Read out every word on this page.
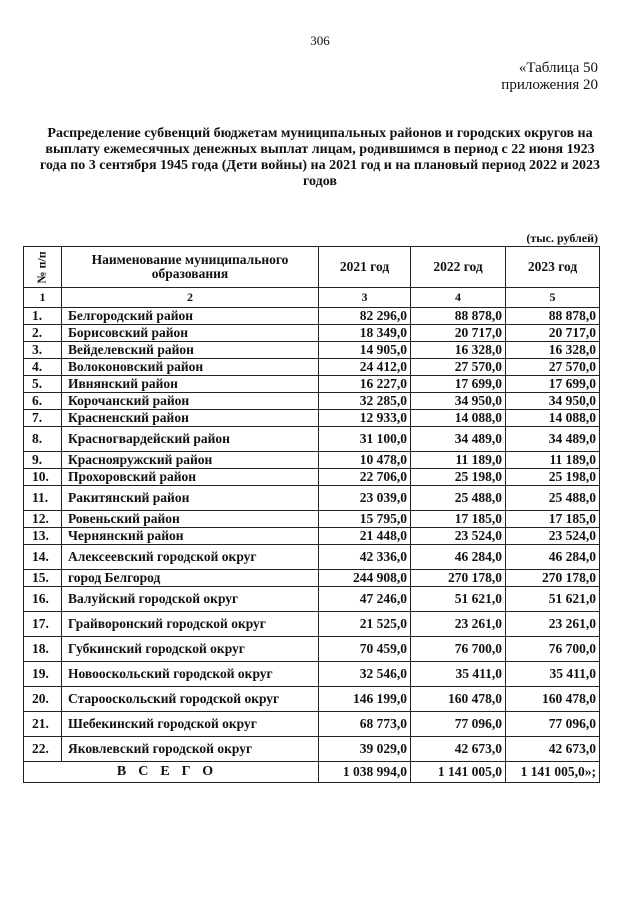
306
«Таблица 50
приложения 20
Распределение субвенций бюджетам муниципальных районов и городских округов на выплату ежемесячных денежных выплат лицам, родившимся в период с 22 июня 1923 года по 3 сентября 1945 года (Дети войны) на 2021 год и на плановый период 2022 и 2023 годов
(тыс. рублей)
№ п/п	Наименование муниципального образования	2021 год	2022 год	2023 год
1	2	3	4	5
1.	Белгородский район	82 296,0	88 878,0	88 878,0
2.	Борисовский район	18 349,0	20 717,0	20 717,0
3.	Вейделевский район	14 905,0	16 328,0	16 328,0
4.	Волоконовский район	24 412,0	27 570,0	27 570,0
5.	Ивнянский район	16 227,0	17 699,0	17 699,0
6.	Корочанский район	32 285,0	34 950,0	34 950,0
7.	Красненский район	12 933,0	14 088,0	14 088,0
8.	Красногвардейский район	31 100,0	34 489,0	34 489,0
9.	Краснояружский район	10 478,0	11 189,0	11 189,0
10.	Прохоровский район	22 706,0	25 198,0	25 198,0
11.	Ракитянский район	23 039,0	25 488,0	25 488,0
12.	Ровеньский район	15 795,0	17 185,0	17 185,0
13.	Чернянский район	21 448,0	23 524,0	23 524,0
14.	Алексеевский городской округ	42 336,0	46 284,0	46 284,0
15.	город Белгород	244 908,0	270 178,0	270 178,0
16.	Валуйский городской округ	47 246,0	51 621,0	51 621,0
17.	Грайворонский городской округ	21 525,0	23 261,0	23 261,0
18.	Губкинский городской округ	70 459,0	76 700,0	76 700,0
19.	Новооскольский городской округ	32 546,0	35 411,0	35 411,0
20.	Старооскольский городской округ	146 199,0	160 478,0	160 478,0
21.	Шебекинский городской округ	68 773,0	77 096,0	77 096,0
22.	Яковлевский городской округ	39 029,0	42 673,0	42 673,0
ВСЕГО		1 038 994,0	1 141 005,0	1 141 005,0»;
